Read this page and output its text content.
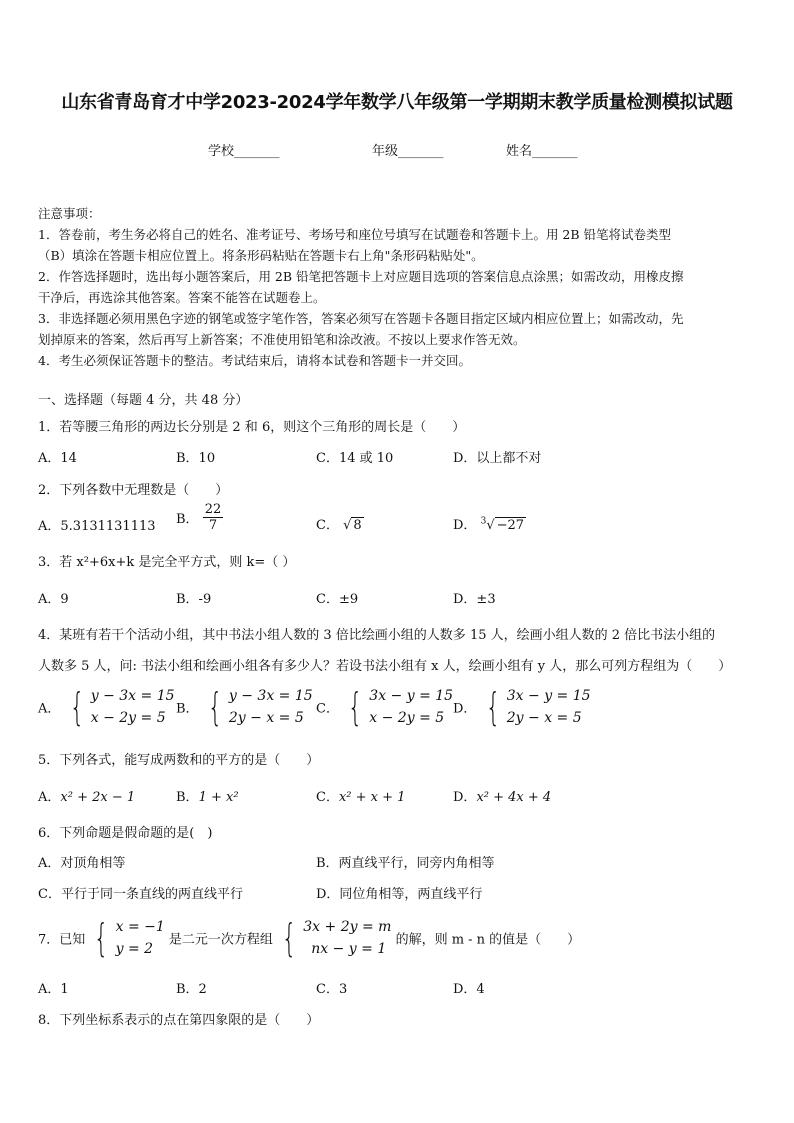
山东省青岛育才中学2023-2024学年数学八年级第一学期期末教学质量检测模拟试题
学校_______	年级_______	姓名_______
注意事项：
1．答卷前，考生务必将自己的姓名、准考证号、考场号和座位号填写在试题卷和答题卡上。用 2B 铅笔将试卷类型
（B）填涂在答题卡相应位置上。将条形码粘贴在答题卡右上角"条形码粘贴处"。
2．作答选择题时，选出每小题答案后，用 2B 铅笔把答题卡上对应题目选项的答案信息点涂黑；如需改动，用橡皮擦
干净后，再选涂其他答案。答案不能答在试题卷上。
3．非选择题必须用黑色字迹的钢笔或签字笔作答，答案必须写在答题卡各题目指定区域内相应位置上；如需改动，先
划掉原来的答案，然后再写上新答案；不准使用铅笔和涂改液。不按以上要求作答无效。
4．考生必须保证答题卡的整洁。考试结束后，请将本试卷和答题卡一并交回。
一、选择题（每题 4 分，共 48 分）
1．若等腰三角形的两边长分别是 2 和 6，则这个三角形的周长是（　　）
A．14	B．10	C．14 或 10	D．以上都不对
2．下列各数中无理数是（　　）
A．5.3131131113 B． $\frac{22}{7}$	C． √ 8	D． $^3$√ −27
3．若 x²+6x+k 是完全平方式，则 k=（ ）
A．9	B．-9	C．±9	D．±3
4．某班有若干个活动小组，其中书法小组人数的 3 倍比绘画小组的人数多 15 人，绘画小组人数的 2 倍比书法小组的
人数多 5 人，问: 书法小组和绘画小组各有多少人？若设书法小组有 x 人，绘画小组有 y 人，那么可列方程组为（　　）
A． { y − 3x = 15
x − 2y = 5
B． { y − 3x = 15
2y − x = 5
C． { 3x − y = 15
x − 2y = 5
D． { 3x − y = 15
2y − x = 5
5．下列各式，能写成两数和的平方的是（　　）
A．x² + 2x − 1	B．1 + x²	C．x² + x + 1	D．x² + 4x + 4
6．下列命题是假命题的是(　)
A．对顶角相等	B．两直线平行，同旁内角相等
C．平行于同一条直线的两直线平行	D．同位角相等，两直线平行
7．已知 { x = −1
y = 2
是二元一次方程组 { 3x + 2y = m
nx − y = 1
的解，则 m - n 的值是（　　）
A．1	B．2	C．3	D．4
8．下列坐标系表示的点在第四象限的是（　　）
